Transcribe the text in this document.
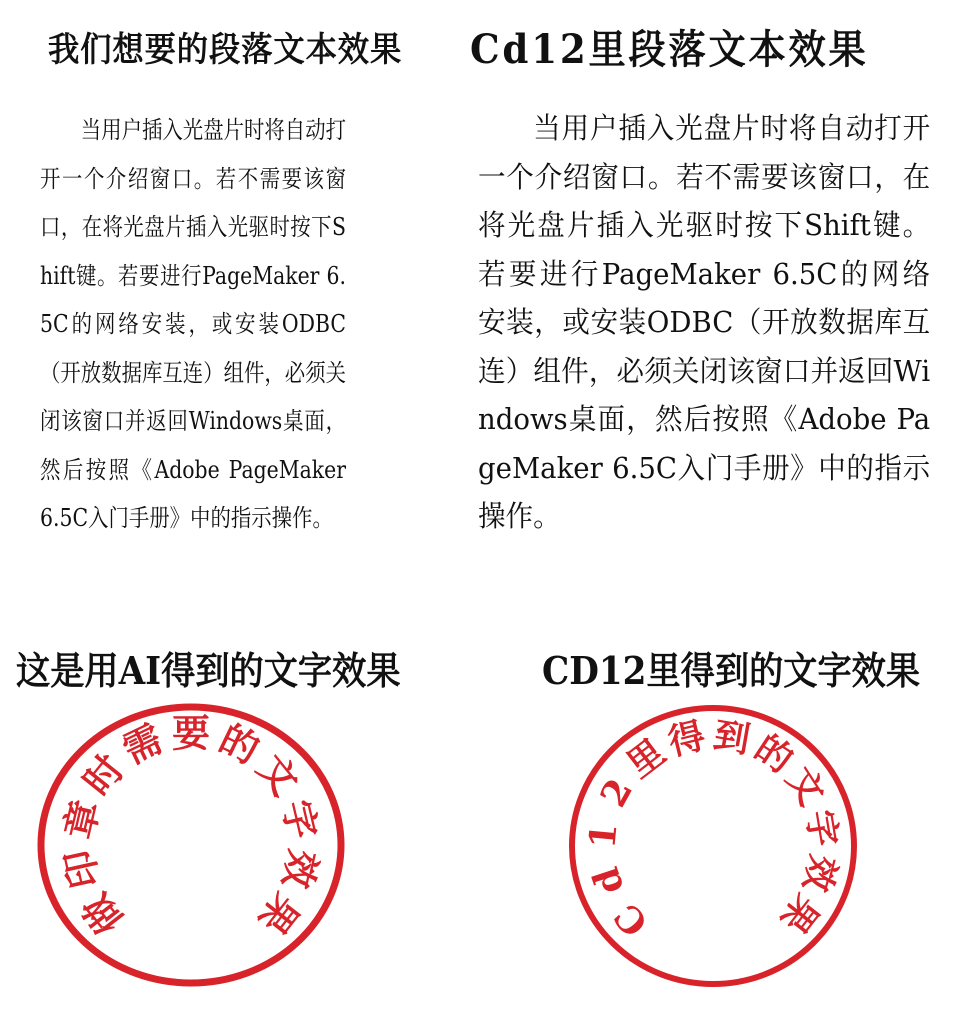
我们想要的段落文本效果 Cd12里段落文本效果

当用户插入光盘片时将自动打开一个介绍窗口。若不需要该窗口，在将光盘片插入光驱时按下Shift键。若要进行PageMaker 6.5C的网络安装，或安装ODBC（开放数据库互连）组件，必须关闭该窗口并返回Windows桌面，然后按照《Adobe PageMaker 6.5C入门手册》中的指示操作。

当用户插入光盘片时将自动打开一个介绍窗口。若不需要该窗口，在将光盘片插入光驱时按下Shift键。若要进行PageMaker 6.5C的网络安装，或安装ODBC（开放数据库互连）组件，必须关闭该窗口并返回Windows桌面，然后按照《Adobe PageMaker 6.5C入门手册》中的指示操作。

这是用AI得到的文字效果	CD12里得到的文字效果
做
印
章
时
需 要 的
文
字
效
果	C
d
1
2
里
得 到
的
文
字
效
果
